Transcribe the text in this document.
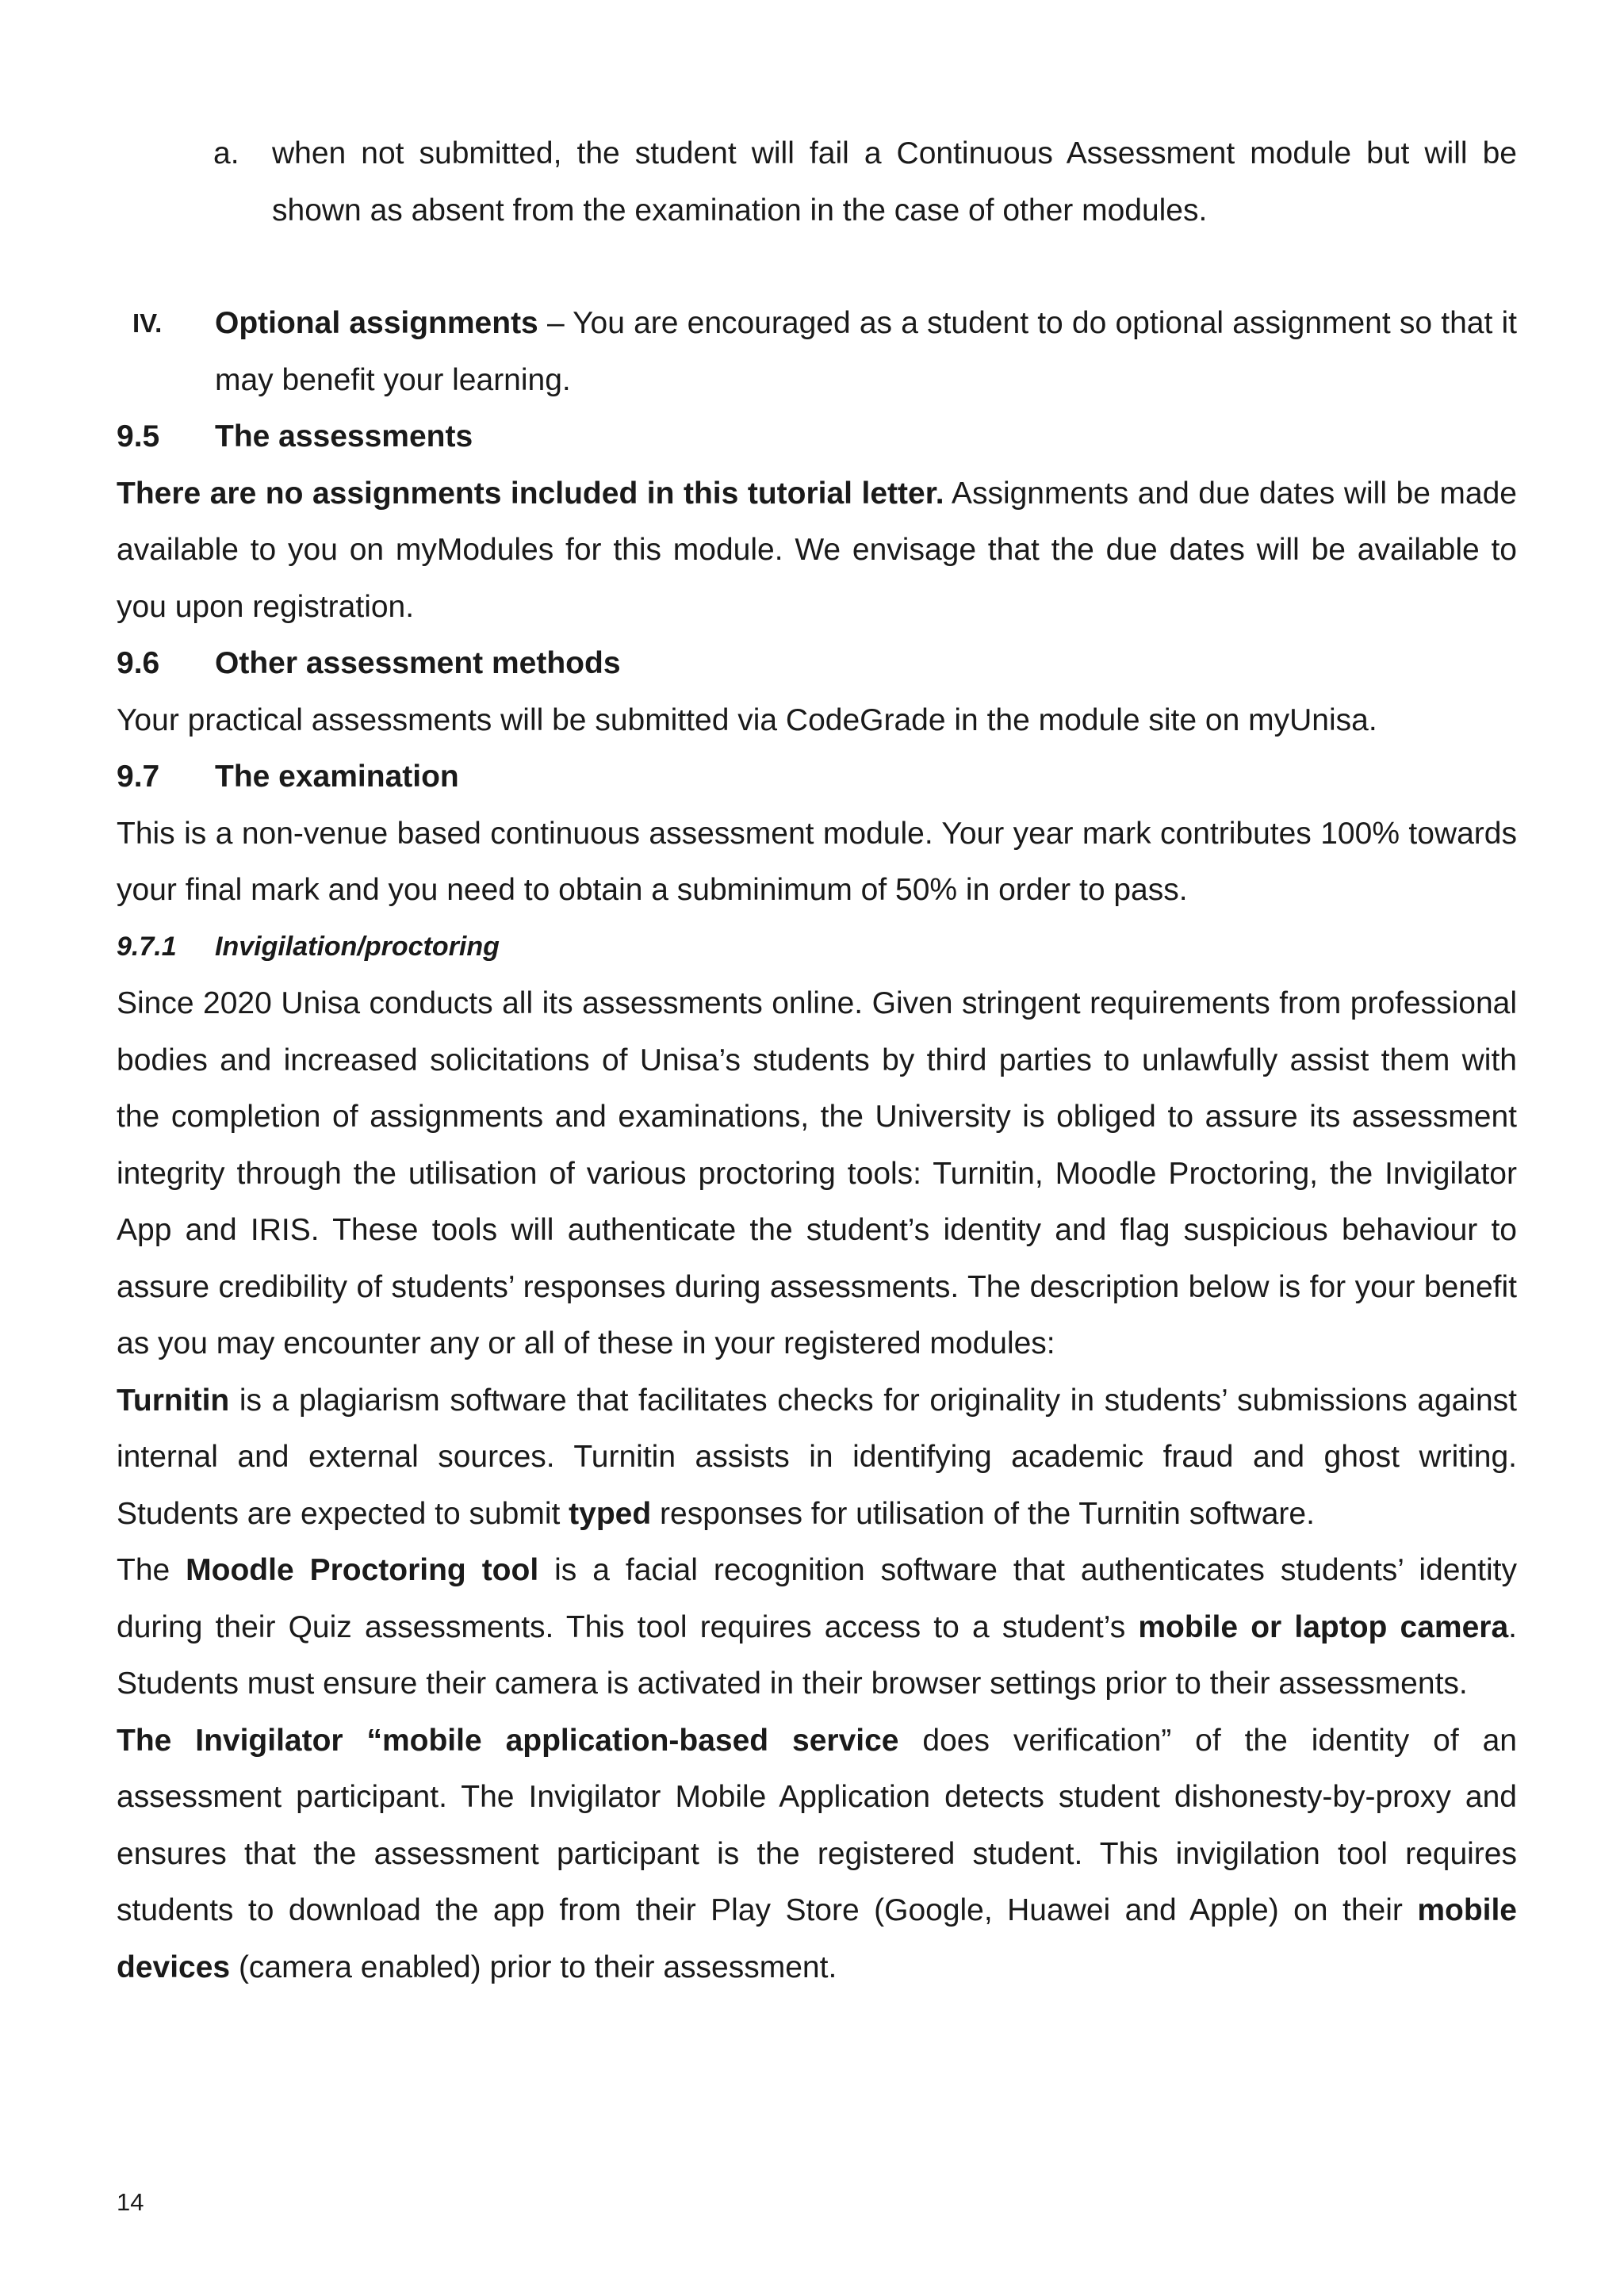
a. when not submitted, the student will fail a Continuous Assessment module but will be shown as absent from the examination in the case of other modules.

IV. Optional assignments – You are encouraged as a student to do optional assignment so that it may benefit your learning.

9.5 The assessments

There are no assignments included in this tutorial letter. Assignments and due dates will be made available to you on myModules for this module. We envisage that the due dates will be available to you upon registration.

9.6 Other assessment methods

Your practical assessments will be submitted via CodeGrade in the module site on myUnisa.

9.7 The examination

This is a non-venue based continuous assessment module. Your year mark contributes 100% towards your final mark and you need to obtain a subminimum of 50% in order to pass.

9.7.1 Invigilation/proctoring

Since 2020 Unisa conducts all its assessments online. Given stringent requirements from professional bodies and increased solicitations of Unisa’s students by third parties to unlawfully assist them with the completion of assignments and examinations, the University is obliged to assure its assessment integrity through the utilisation of various proctoring tools: Turnitin, Moodle Proctoring, the Invigilator App and IRIS. These tools will authenticate the student’s identity and flag suspicious behaviour to assure credibility of students’ responses during assessments. The description below is for your benefit as you may encounter any or all of these in your registered modules:

Turnitin is a plagiarism software that facilitates checks for originality in students’ submissions against internal and external sources. Turnitin assists in identifying academic fraud and ghost writing. Students are expected to submit typed responses for utilisation of the Turnitin software.

The Moodle Proctoring tool is a facial recognition software that authenticates students’ identity during their Quiz assessments. This tool requires access to a student’s mobile or laptop camera. Students must ensure their camera is activated in their browser settings prior to their assessments.

The Invigilator “mobile application-based service does verification” of the identity of an assessment participant. The Invigilator Mobile Application detects student dishonesty-by-proxy and ensures that the assessment participant is the registered student. This invigilation tool requires students to download the app from their Play Store (Google, Huawei and Apple) on their mobile devices (camera enabled) prior to their assessment.

14
